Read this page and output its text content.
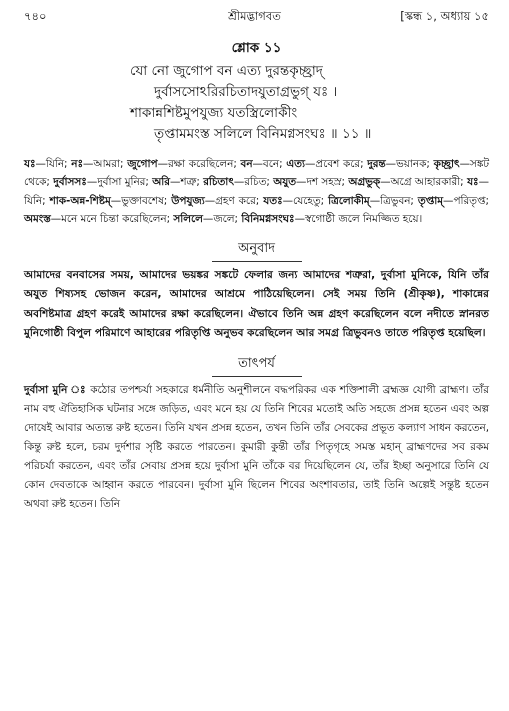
৭৪০	শ্রীমদ্ভাগবত	[স্কন্ধ ১, অধ্যায় ১৫
শ্লোক ১১
যো নো জুগোপ বন এত্য দুরন্তকৃচ্ছ্রাদ্
দুর্বাসসোঽরিরচিতাদযুতাগ্রভুগ্ যঃ ।
শাকান্নশিষ্টমুপযুজ্য যতস্ত্রিলোকীং
তৃপ্তামমংস্ত সলিলে বিনিমগ্নসংঘঃ ॥ ১১ ॥
যঃ—যিনি; নঃ—আমরা; জুগোপ—রক্ষা করেছিলেন; বন—বনে; এত্য—প্রবেশ করে; দুরন্ত—ভয়ানক; কৃচ্ছ্রাৎ—সঙ্কট থেকে; দুর্বাসসঃ—দুর্বাসা মুনির; অরি—শত্রু; রচিতাৎ—রচিত; অযুত—দশ সহস্র; অগ্রভুক্—অগ্রে আহারকারী; যঃ—যিনি; শাক-অন্ন-শিষ্টম্—ভুক্তাবশেষ; উপযুজ্য—গ্রহণ করে; যতঃ—যেহেতু; ত্রিলোকীম্—ত্রিভুবন; তৃপ্তাম্—পরিতৃপ্ত; অমংস্ত—মনে মনে চিন্তা করেছিলেন; সলিলে—জলে; বিনিমগ্নসংঘঃ—স্বগোষ্ঠী জলে নিমজ্জিত হয়ে।
অনুবাদ
আমাদের বনবাসের সময়, আমাদের ভয়ঙ্কর সঙ্কটে ফেলার জন্য আমাদের শত্রুরা, দুর্বাসা মুনিকে, যিনি তাঁর অযুত শিষ্যসহ ভোজন করেন, আমাদের আশ্রমে পাঠিয়েছিলেন। সেই সময় তিনি (শ্রীকৃষ্ণ), শাকান্নের অবশিষ্টমাত্র গ্রহণ করেই আমাদের রক্ষা করেছিলেন। ঐভাবে তিনি অন্ন গ্রহণ করেছিলেন বলে নদীতে স্নানরত মুনিগোষ্ঠী বিপুল পরিমাণে আহারের পরিতৃপ্তি অনুভব করেছিলেন আর সমগ্র ত্রিভুবনও তাতে পরিতৃপ্ত হয়েছিল।
তাৎপর্য
দুর্বাসা মুনি ঃ কঠোর তপশ্চর্যা সহকারে ধর্মনীতি অনুশীলনে বদ্ধপরিকর এক শক্তিশালী ব্রহ্মজ্ঞ যোগী ব্রাহ্মণ। তাঁর নাম বহু ঐতিহাসিক ঘটনার সঙ্গে জড়িত, এবং মনে হয় যে তিনি শিবের মতোই অতি সহজে প্রসন্ন হতেন এবং অল্প দোষেই আবার অত্যন্ত রুষ্ট হতেন। তিনি যখন প্রসন্ন হতেন, তখন তিনি তাঁর সেবকের প্রভূত কল্যাণ সাধন করতেন, কিন্তু রুষ্ট হলে, চরম দুর্দশার সৃষ্টি করতে পারতেন। কুমারী কুন্তী তাঁর পিতৃগৃহে সমস্ত মহান্ ব্রাহ্মণদের সব রকম পরিচর্যা করতেন, এবং তাঁর সেবায় প্রসন্ন হয়ে দুর্বাসা মুনি তাঁকে বর দিয়েছিলেন যে, তাঁর ইচ্ছা অনুসারে তিনি যে কোন দেবতাকে আহ্বান করতে পারবেন। দুর্বাসা মুনি ছিলেন শিবের অংশাবতার, তাই তিনি অল্পেই সন্তুষ্ট হতেন অথবা রুষ্ট হতেন। তিনি
